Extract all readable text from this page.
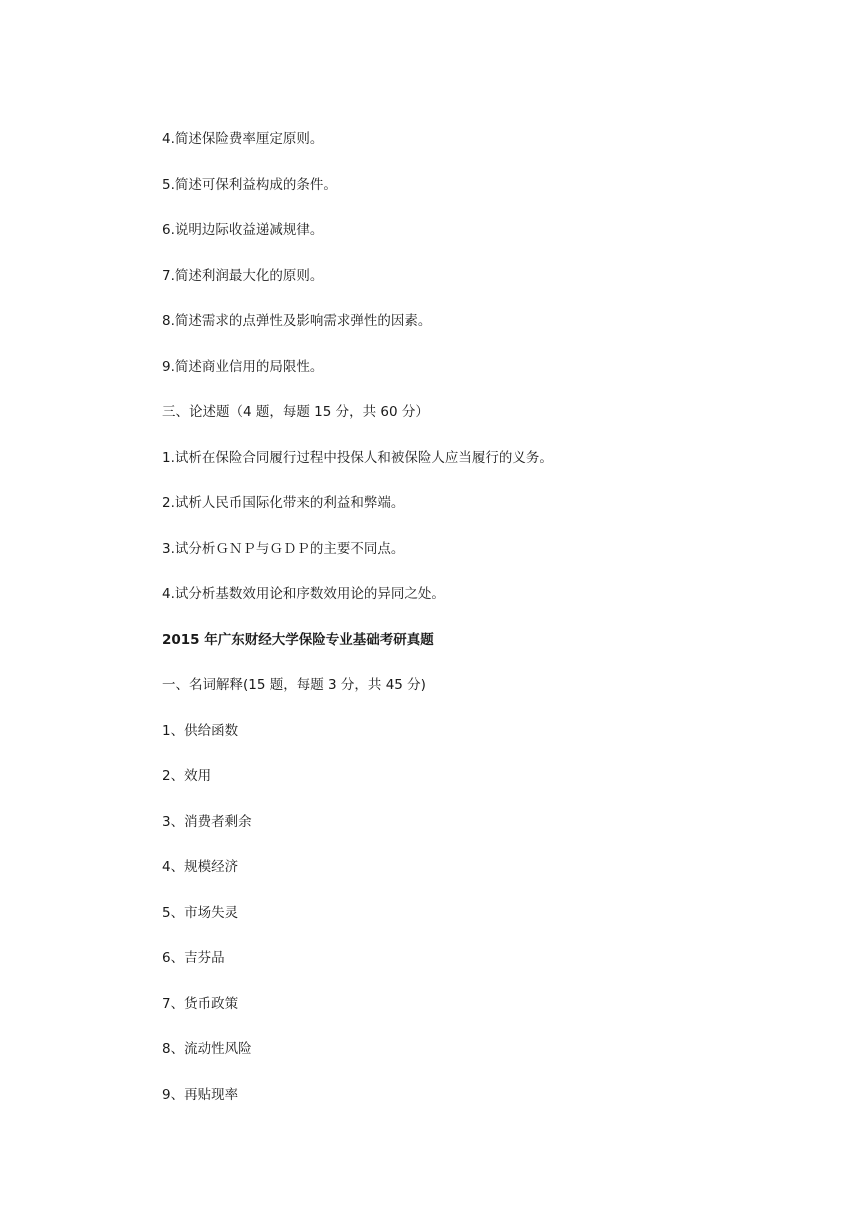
4.简述保险费率厘定原则。
5.简述可保利益构成的条件。
6.说明边际收益递减规律。
7.简述利润最大化的原则。
8.简述需求的点弹性及影响需求弹性的因素。
9.简述商业信用的局限性。
三、论述题（4 题，每题 15 分，共 60 分）
1.试析在保险合同履行过程中投保人和被保险人应当履行的义务。
2.试析人民币国际化带来的利益和弊端。
3.试分析ＧＮＰ与ＧＤＰ的主要不同点。
4.试分析基数效用论和序数效用论的异同之处。
2015 年广东财经大学保险专业基础考研真题
一、名词解释(15 题，每题 3 分，共 45 分)
1、供给函数
2、效用
3、消费者剩余
4、规模经济
5、市场失灵
6、吉芬品
7、货币政策
8、流动性风险
9、再贴现率
